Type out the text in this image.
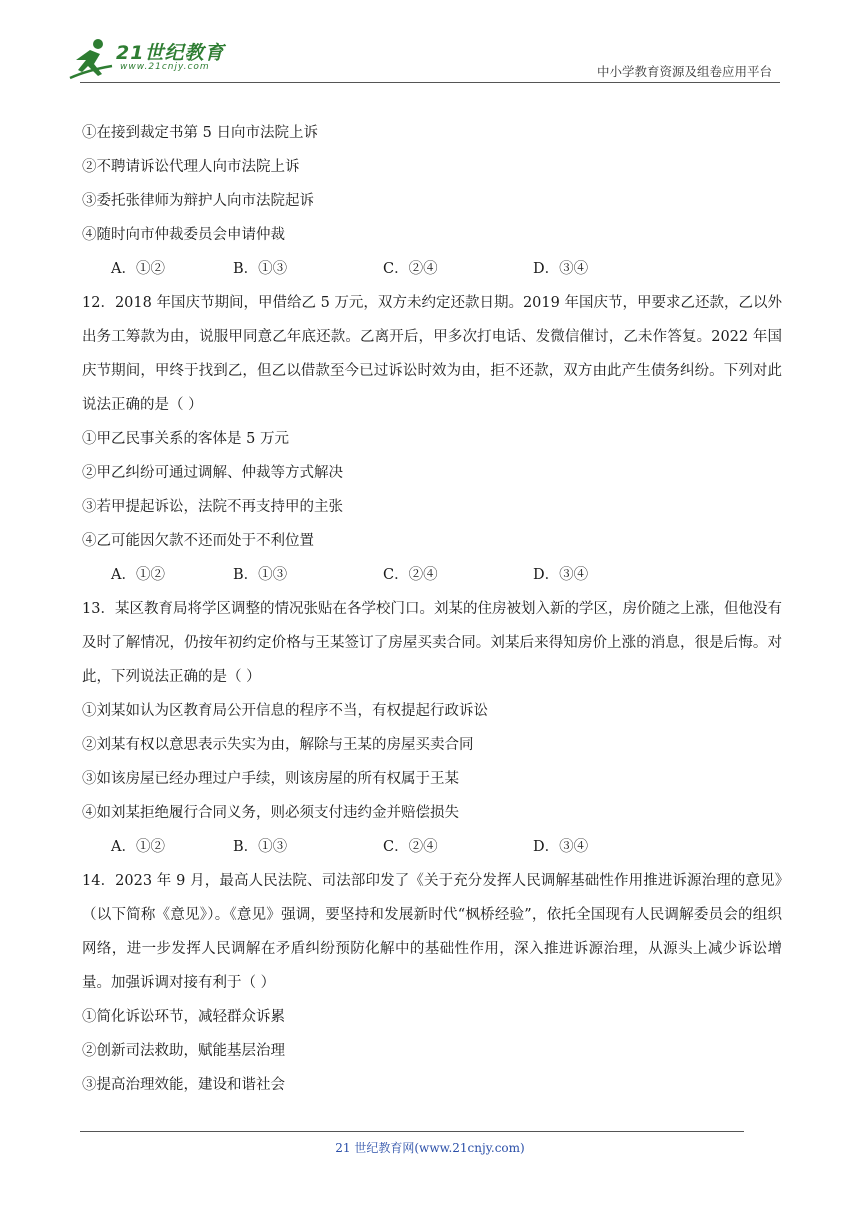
21世纪教育
www.21cnjy.com	中小学教育资源及组卷应用平台
①在接到裁定书第 5 日向市法院上诉
②不聘请诉讼代理人向市法院上诉
③委托张律师为辩护人向市法院起诉
④随时向市仲裁委员会申请仲裁
A．①②	B．①③	C．②④	D．③④
12．2018 年国庆节期间，甲借给乙 5 万元，双方未约定还款日期。2019 年国庆节，甲要求乙还款，乙以外出务工筹款为由，说服甲同意乙年底还款。乙离开后，甲多次打电话、发微信催讨，乙未作答复。2022 年国庆节期间，甲终于找到乙，但乙以借款至今已过诉讼时效为由，拒不还款，双方由此产生债务纠纷。下列对此说法正确的是（ ）
①甲乙民事关系的客体是 5 万元
②甲乙纠纷可通过调解、仲裁等方式解决
③若甲提起诉讼，法院不再支持甲的主张
④乙可能因欠款不还而处于不利位置
A．①②	B．①③	C．②④	D．③④
13．某区教育局将学区调整的情况张贴在各学校门口。刘某的住房被划入新的学区，房价随之上涨，但他没有及时了解情况，仍按年初约定价格与王某签订了房屋买卖合同。刘某后来得知房价上涨的消息，很是后悔。对此，下列说法正确的是（ ）
①刘某如认为区教育局公开信息的程序不当，有权提起行政诉讼
②刘某有权以意思表示失实为由，解除与王某的房屋买卖合同
③如该房屋已经办理过户手续，则该房屋的所有权属于王某
④如刘某拒绝履行合同义务，则必须支付违约金并赔偿损失
A．①②	B．①③	C．②④	D．③④
14．2023 年 9 月，最高人民法院、司法部印发了《关于充分发挥人民调解基础性作用推进诉源治理的意见》（以下简称《意见》）。《意见》强调，要坚持和发展新时代“枫桥经验”，依托全国现有人民调解委员会的组织网络，进一步发挥人民调解在矛盾纠纷预防化解中的基础性作用，深入推进诉源治理，从源头上减少诉讼增量。加强诉调对接有利于（ ）
①简化诉讼环节，减轻群众诉累
②创新司法救助，赋能基层治理
③提高治理效能，建设和谐社会
21 世纪教育网(www.21cnjy.com)
